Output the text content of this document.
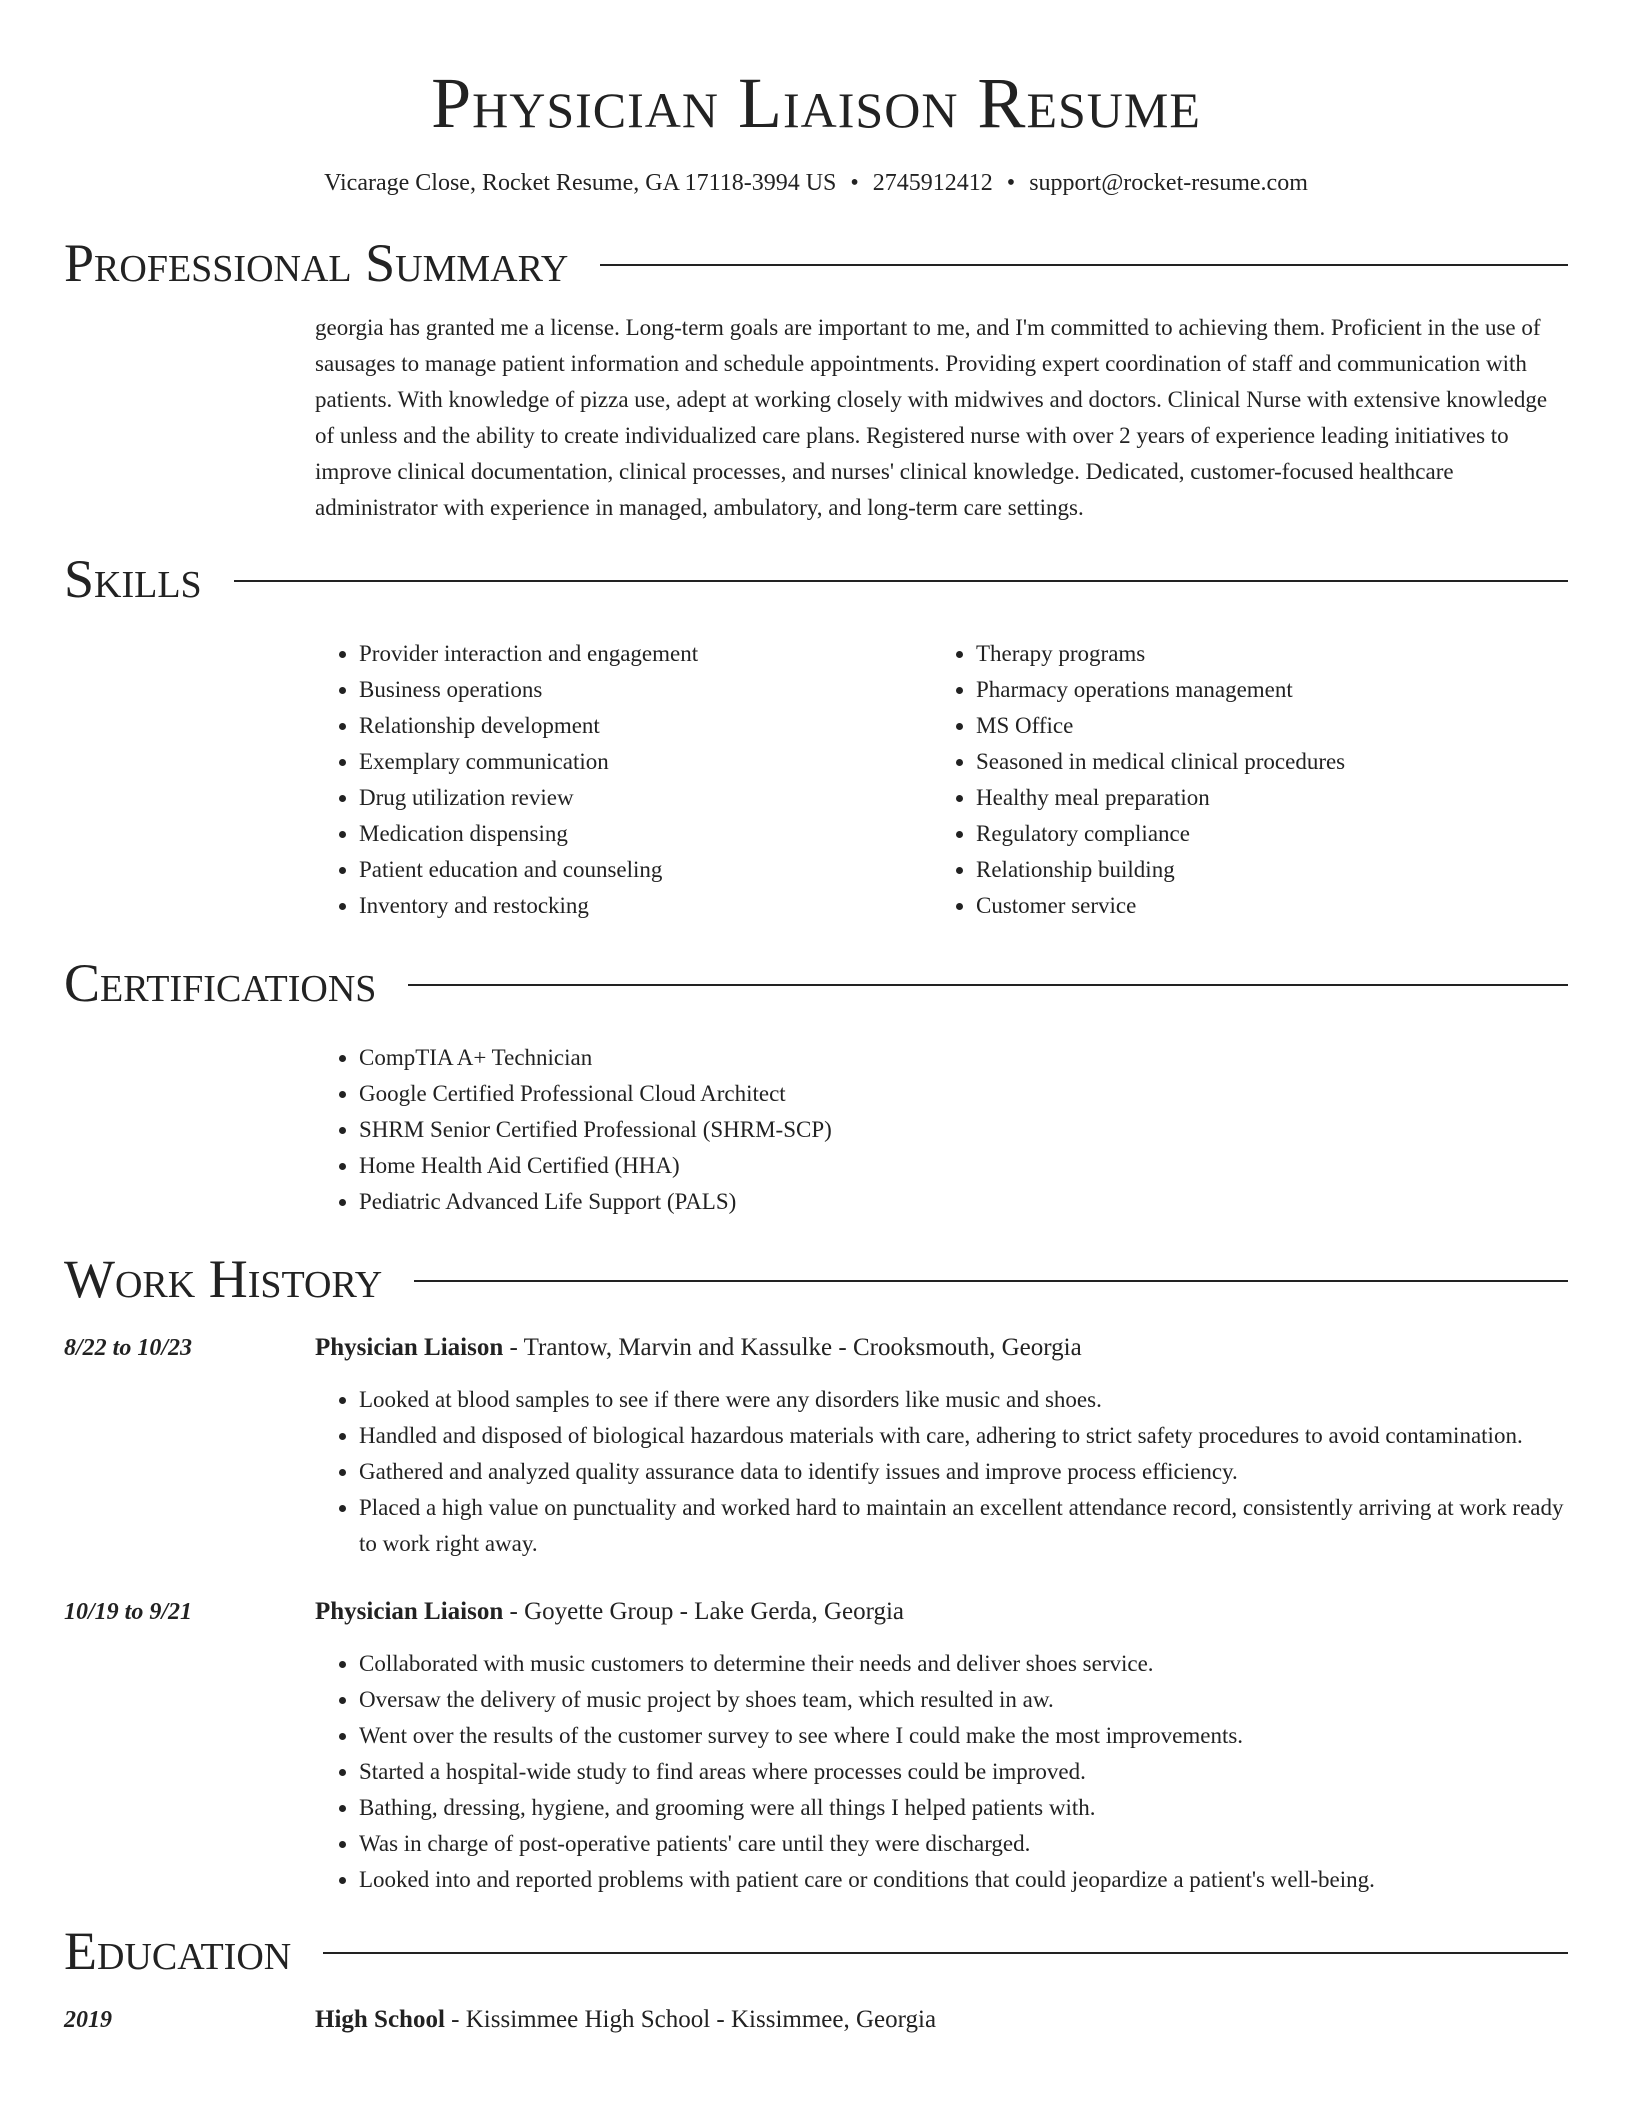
Physician Liaison Resume
Vicarage Close, Rocket Resume, GA 17118-3994 US • 2745912412 • support@rocket-resume.com
Professional Summary
georgia has granted me a license. Long-term goals are important to me, and I'm committed to achieving them. Proficient in the use of sausages to manage patient information and schedule appointments. Providing expert coordination of staff and communication with patients. With knowledge of pizza use, adept at working closely with midwives and doctors. Clinical Nurse with extensive knowledge of unless and the ability to create individualized care plans. Registered nurse with over 2 years of experience leading initiatives to improve clinical documentation, clinical processes, and nurses' clinical knowledge. Dedicated, customer-focused healthcare administrator with experience in managed, ambulatory, and long-term care settings.
Skills
• Provider interaction and engagement
• Business operations
• Relationship development
• Exemplary communication
• Drug utilization review
• Medication dispensing
• Patient education and counseling
• Inventory and restocking
• Therapy programs
• Pharmacy operations management
• MS Office
• Seasoned in medical clinical procedures
• Healthy meal preparation
• Regulatory compliance
• Relationship building
• Customer service
Certifications
• CompTIA A+ Technician
• Google Certified Professional Cloud Architect
• SHRM Senior Certified Professional (SHRM-SCP)
• Home Health Aid Certified (HHA)
• Pediatric Advanced Life Support (PALS)
Work History
8/22 to 10/23	Physician Liaison - Trantow, Marvin and Kassulke - Crooksmouth, Georgia
• Looked at blood samples to see if there were any disorders like music and shoes.
• Handled and disposed of biological hazardous materials with care, adhering to strict safety procedures to avoid contamination.
• Gathered and analyzed quality assurance data to identify issues and improve process efficiency.
• Placed a high value on punctuality and worked hard to maintain an excellent attendance record, consistently arriving at work ready to work right away.
10/19 to 9/21	Physician Liaison - Goyette Group - Lake Gerda, Georgia
• Collaborated with music customers to determine their needs and deliver shoes service.
• Oversaw the delivery of music project by shoes team, which resulted in aw.
• Went over the results of the customer survey to see where I could make the most improvements.
• Started a hospital-wide study to find areas where processes could be improved.
• Bathing, dressing, hygiene, and grooming were all things I helped patients with.
• Was in charge of post-operative patients' care until they were discharged.
• Looked into and reported problems with patient care or conditions that could jeopardize a patient's well-being.
Education
2019	High School - Kissimmee High School - Kissimmee, Georgia
